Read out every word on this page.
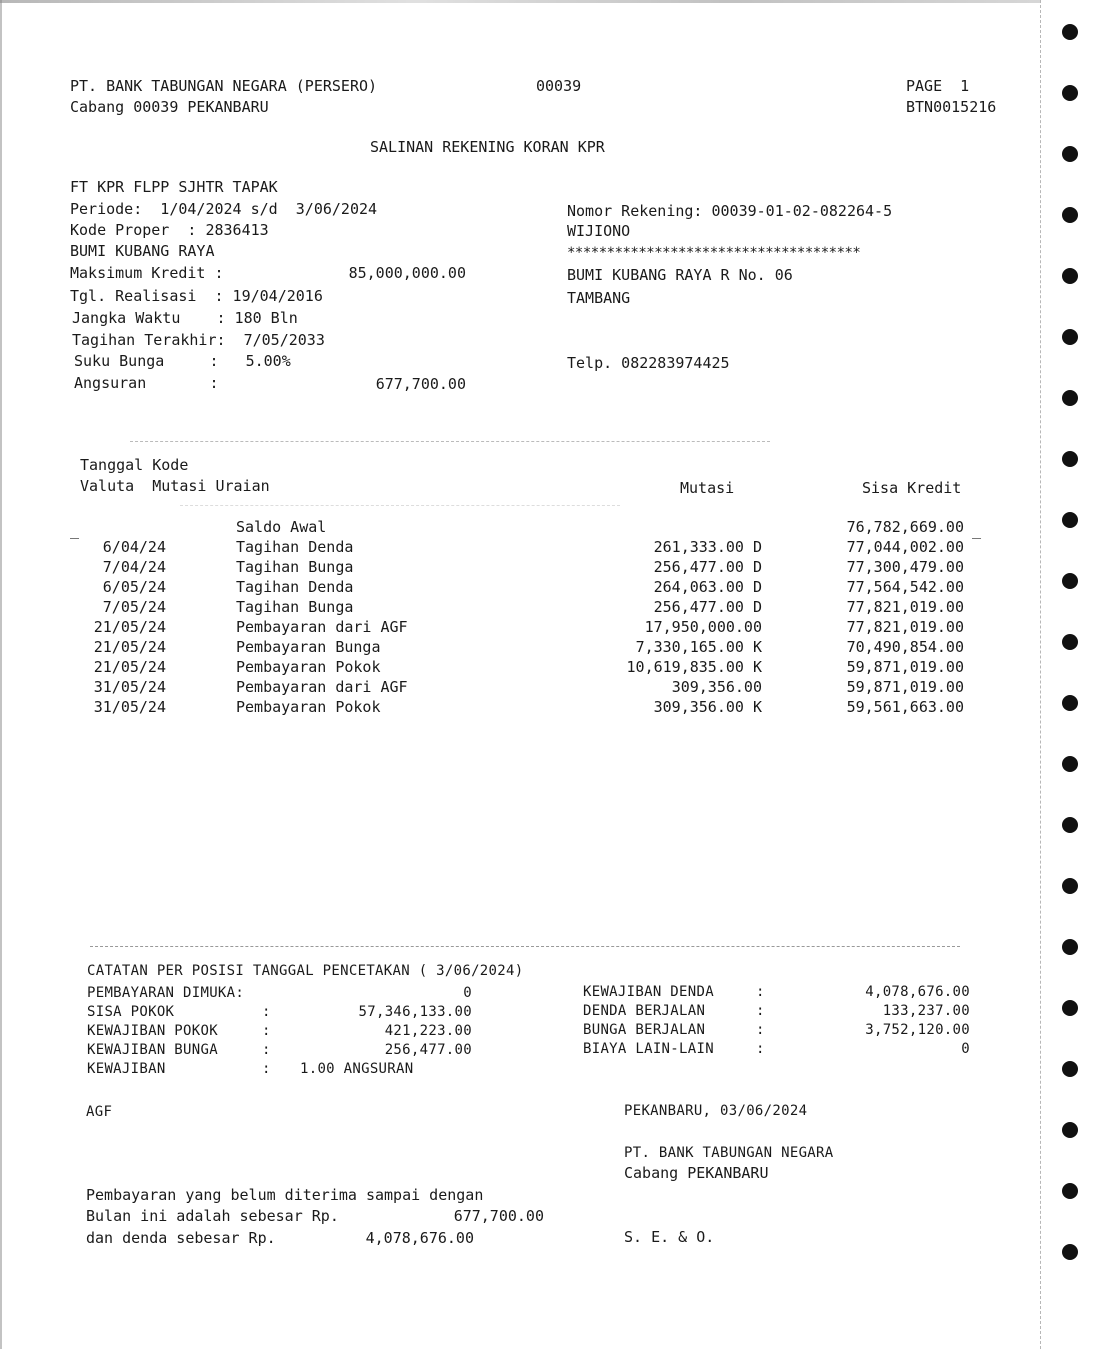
PT. BANK TABUNGAN NEGARA (PERSERO)
Cabang 00039 PEKANBARU
00039	PAGE  1
BTN0015216
SALINAN REKENING KORAN KPR
FT KPR FLPP SJHTR TAPAK
Periode:  1/04/2024 s/d  3/06/2024
Kode Proper  : 2836413
BUMI KUBANG RAYA
Maksimum Kredit :	85,000,000.00
Tgl. Realisasi  : 19/04/2016
Jangka Waktu    : 180 Bln
Tagihan Terakhir:  7/05/2033
Suku Bunga     :   5.00%
Angsuran       :	677,700.00
Nomor Rekening: 00039-01-02-082264-5
WIJIONO
*************************************
BUMI KUBANG RAYA R No. 06
TAMBANG
Telp. 082283974425
Tanggal Kode
Valuta  Mutasi Uraian	Mutasi	Sisa Kredit
_	_
Saldo Awal	76,782,669.00
6/04/24	Tagihan Denda	261,333.00 D	77,044,002.00
7/04/24	Tagihan Bunga	256,477.00 D	77,300,479.00
6/05/24	Tagihan Denda	264,063.00 D	77,564,542.00
7/05/24	Tagihan Bunga	256,477.00 D	77,821,019.00
21/05/24	Pembayaran dari AGF	17,950,000.00	77,821,019.00
21/05/24	Pembayaran Bunga	7,330,165.00 K	70,490,854.00
21/05/24	Pembayaran Pokok	10,619,835.00 K	59,871,019.00
31/05/24	Pembayaran dari AGF	309,356.00	59,871,019.00
31/05/24	Pembayaran Pokok	309,356.00 K	59,561,663.00
CATATAN PER POSISI TANGGAL PENCETAKAN ( 3/06/2024)
PEMBAYARAN DIMUKA:	0
SISA POKOK	:	57,346,133.00
KEWAJIBAN POKOK	:	421,223.00
KEWAJIBAN BUNGA	:	256,477.00
KEWAJIBAN	: 1.00 ANGSURAN
KEWAJIBAN DENDA	:	4,078,676.00
DENDA BERJALAN	:	133,237.00
BUNGA BERJALAN	:	3,752,120.00
BIAYA LAIN-LAIN	:	0
AGF	PEKANBARU, 03/06/2024
PT. BANK TABUNGAN NEGARA
Cabang PEKANBARU
Pembayaran yang belum diterima sampai dengan
Bulan ini adalah sebesar Rp.	677,700.00
dan denda sebesar Rp.	4,078,676.00	S. E. & O.
